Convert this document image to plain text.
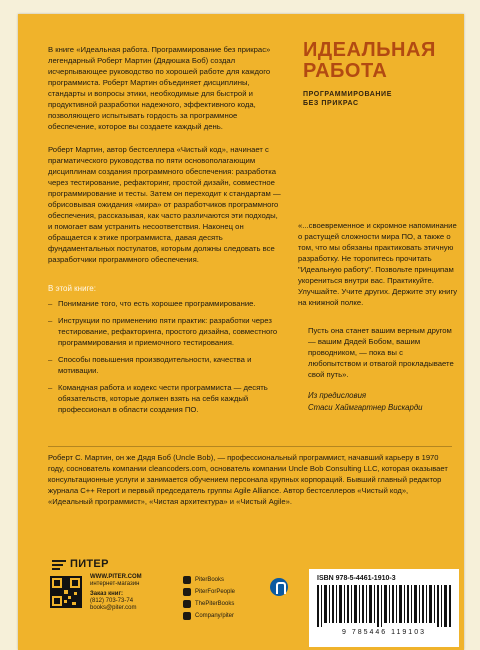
ИДЕАЛЬНАЯ
РАБОТА
ПРОГРАММИРОВАНИЕ
БЕЗ ПРИКРАС
В книге «Идеальная работа. Программирование без прикрас» легендарный Роберт Мартин (Дядюшка Боб) создал исчерпывающее руководство по хорошей работе для каждого программиста. Роберт Мартин объединяет дисциплины, стандарты и вопросы этики, необходимые для быстрой и продуктивной разработки надежного, эффективного кода, позволяющего испытывать гордость за программное обеспечение, которое вы создаете каждый день.
Роберт Мартин, автор бестселлера «Чистый код», начинает с прагматического руководства по пяти основополагающим дисциплинам создания программного обеспечения: разработка через тестирование, рефакторинг, простой дизайн, совместное программирование и тесты. Затем он переходит к стандартам — обрисовывая ожидания «мира» от разработчиков программного обеспечения, рассказывая, как часто различаются эти подходы, и помогает вам устранить несоответствия. Наконец он обращается к этике программиста, давая десять фундаментальных постулатов, которым должны следовать все разработчики программного обеспечения.
В этой книге:
– Понимание того, что есть хорошее программирование.
– Инструкции по применению пяти практик: разработки через тестирование, рефакторинга, простого дизайна, совместного программирования и приемочного тестирования.
– Способы повышения производительности, качества и мотивации.
– Командная работа и кодекс чести программиста — десять обязательств, которые должен взять на себя каждый профессионал в области создания ПО.
«...своевременное и скромное напоминание о растущей сложности мира ПО, а также о том, что мы обязаны практиковать этичную разработку. Не торопитесь прочитать "Идеальную работу". Позвольте принципам укорениться внутри вас. Практикуйте. Улучшайте. Учите других. Держите эту книгу на книжной полке.
Пусть она станет вашим верным другом — вашим Дядей Бобом, вашим проводником, — пока вы с любопытством и отвагой прокладываете свой путь».
Из предисловия
Стаси Хаймгартнер Вискарди
Роберт С. Мартин, он же Дядя Боб (Uncle Bob), — профессиональный программист, начавший карьеру в 1970 году, соснователь компании cleancoders.com, основатель компании Uncle Bob Consulting LLC, которая оказывает консультационные услуги и занимается обучением персонала крупных корпораций. Бывший главный редактор журнала C++ Report и первый председатель группы Agile Alliance. Автор бестселлеров «Чистый код», «Идеальный программист», «Чистая архитектура» и «Чистый Agile».
ПИТЕР
WWW.PITER.COM
интернет-магазин
Заказ книг:
(812) 703-73-74
books@piter.com
PiterBooks
PiterForPeople
ThePiterBooks
Company/piter
ISBN 978-5-4461-1910-3
9 785446 119103
